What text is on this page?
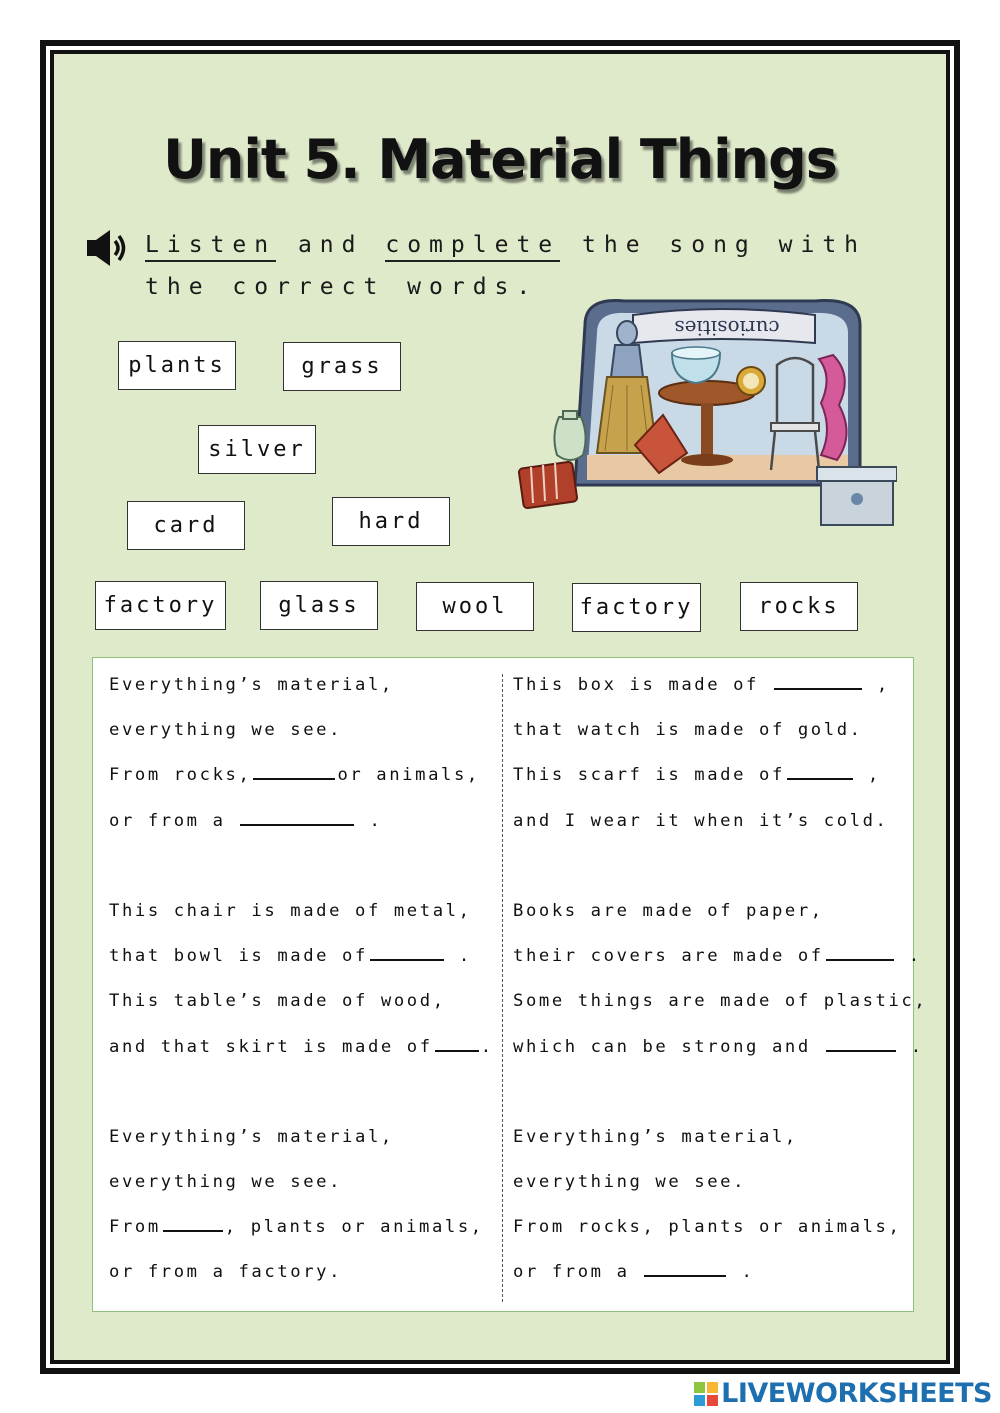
Unit 5. Material Things
Listen and complete the song with
the correct words.
plants	grass
silver
card	hard
factory	glass	wool	factory	rocks
curiosities
Everything’s material,
everything we see.
From rocks,	or animals,
or from a	.
This chair is made of metal,
that bowl is made of	.
This table’s made of wood,
and that skirt is made of	.
Everything’s material,
everything we see.
From	, plants or animals,
or from a factory.
This box is made of	,
that watch is made of gold.
This scarf is made of	,
and I wear it when it’s cold.
Books are made of paper,
their covers are made of	.
Some things are made of plastic,
which can be strong and	.
Everything’s material,
everything we see.
From rocks, plants or animals,
or from a	.
LIVEWORKSHEETS
